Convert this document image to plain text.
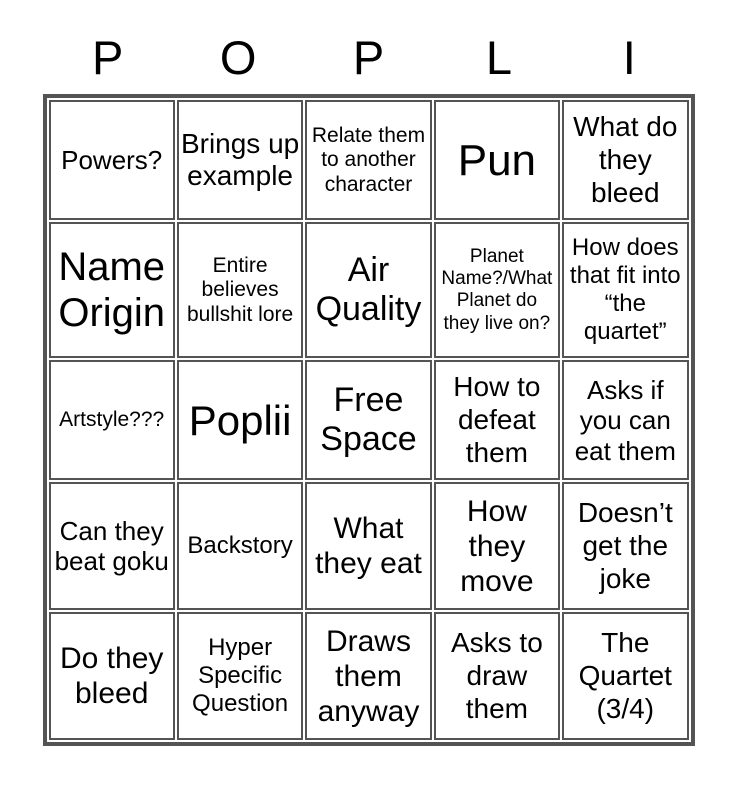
P	O	P	L	I
Powers?	Brings up example	Relate them to another character	Pun	What do they bleed
Name Origin	Entire believes bullshit lore	Air Quality	Planet Name?/What Planet do they live on?	How does that fit into “the quartet”
Artstyle???	Poplii	Free Space	How to defeat them	Asks if you can eat them
Can they beat goku	Backstory	What they eat	How they move	Doesn’t get the joke
Do they bleed	Hyper Specific Question	Draws them anyway	Asks to draw them	The Quartet (3/4)
